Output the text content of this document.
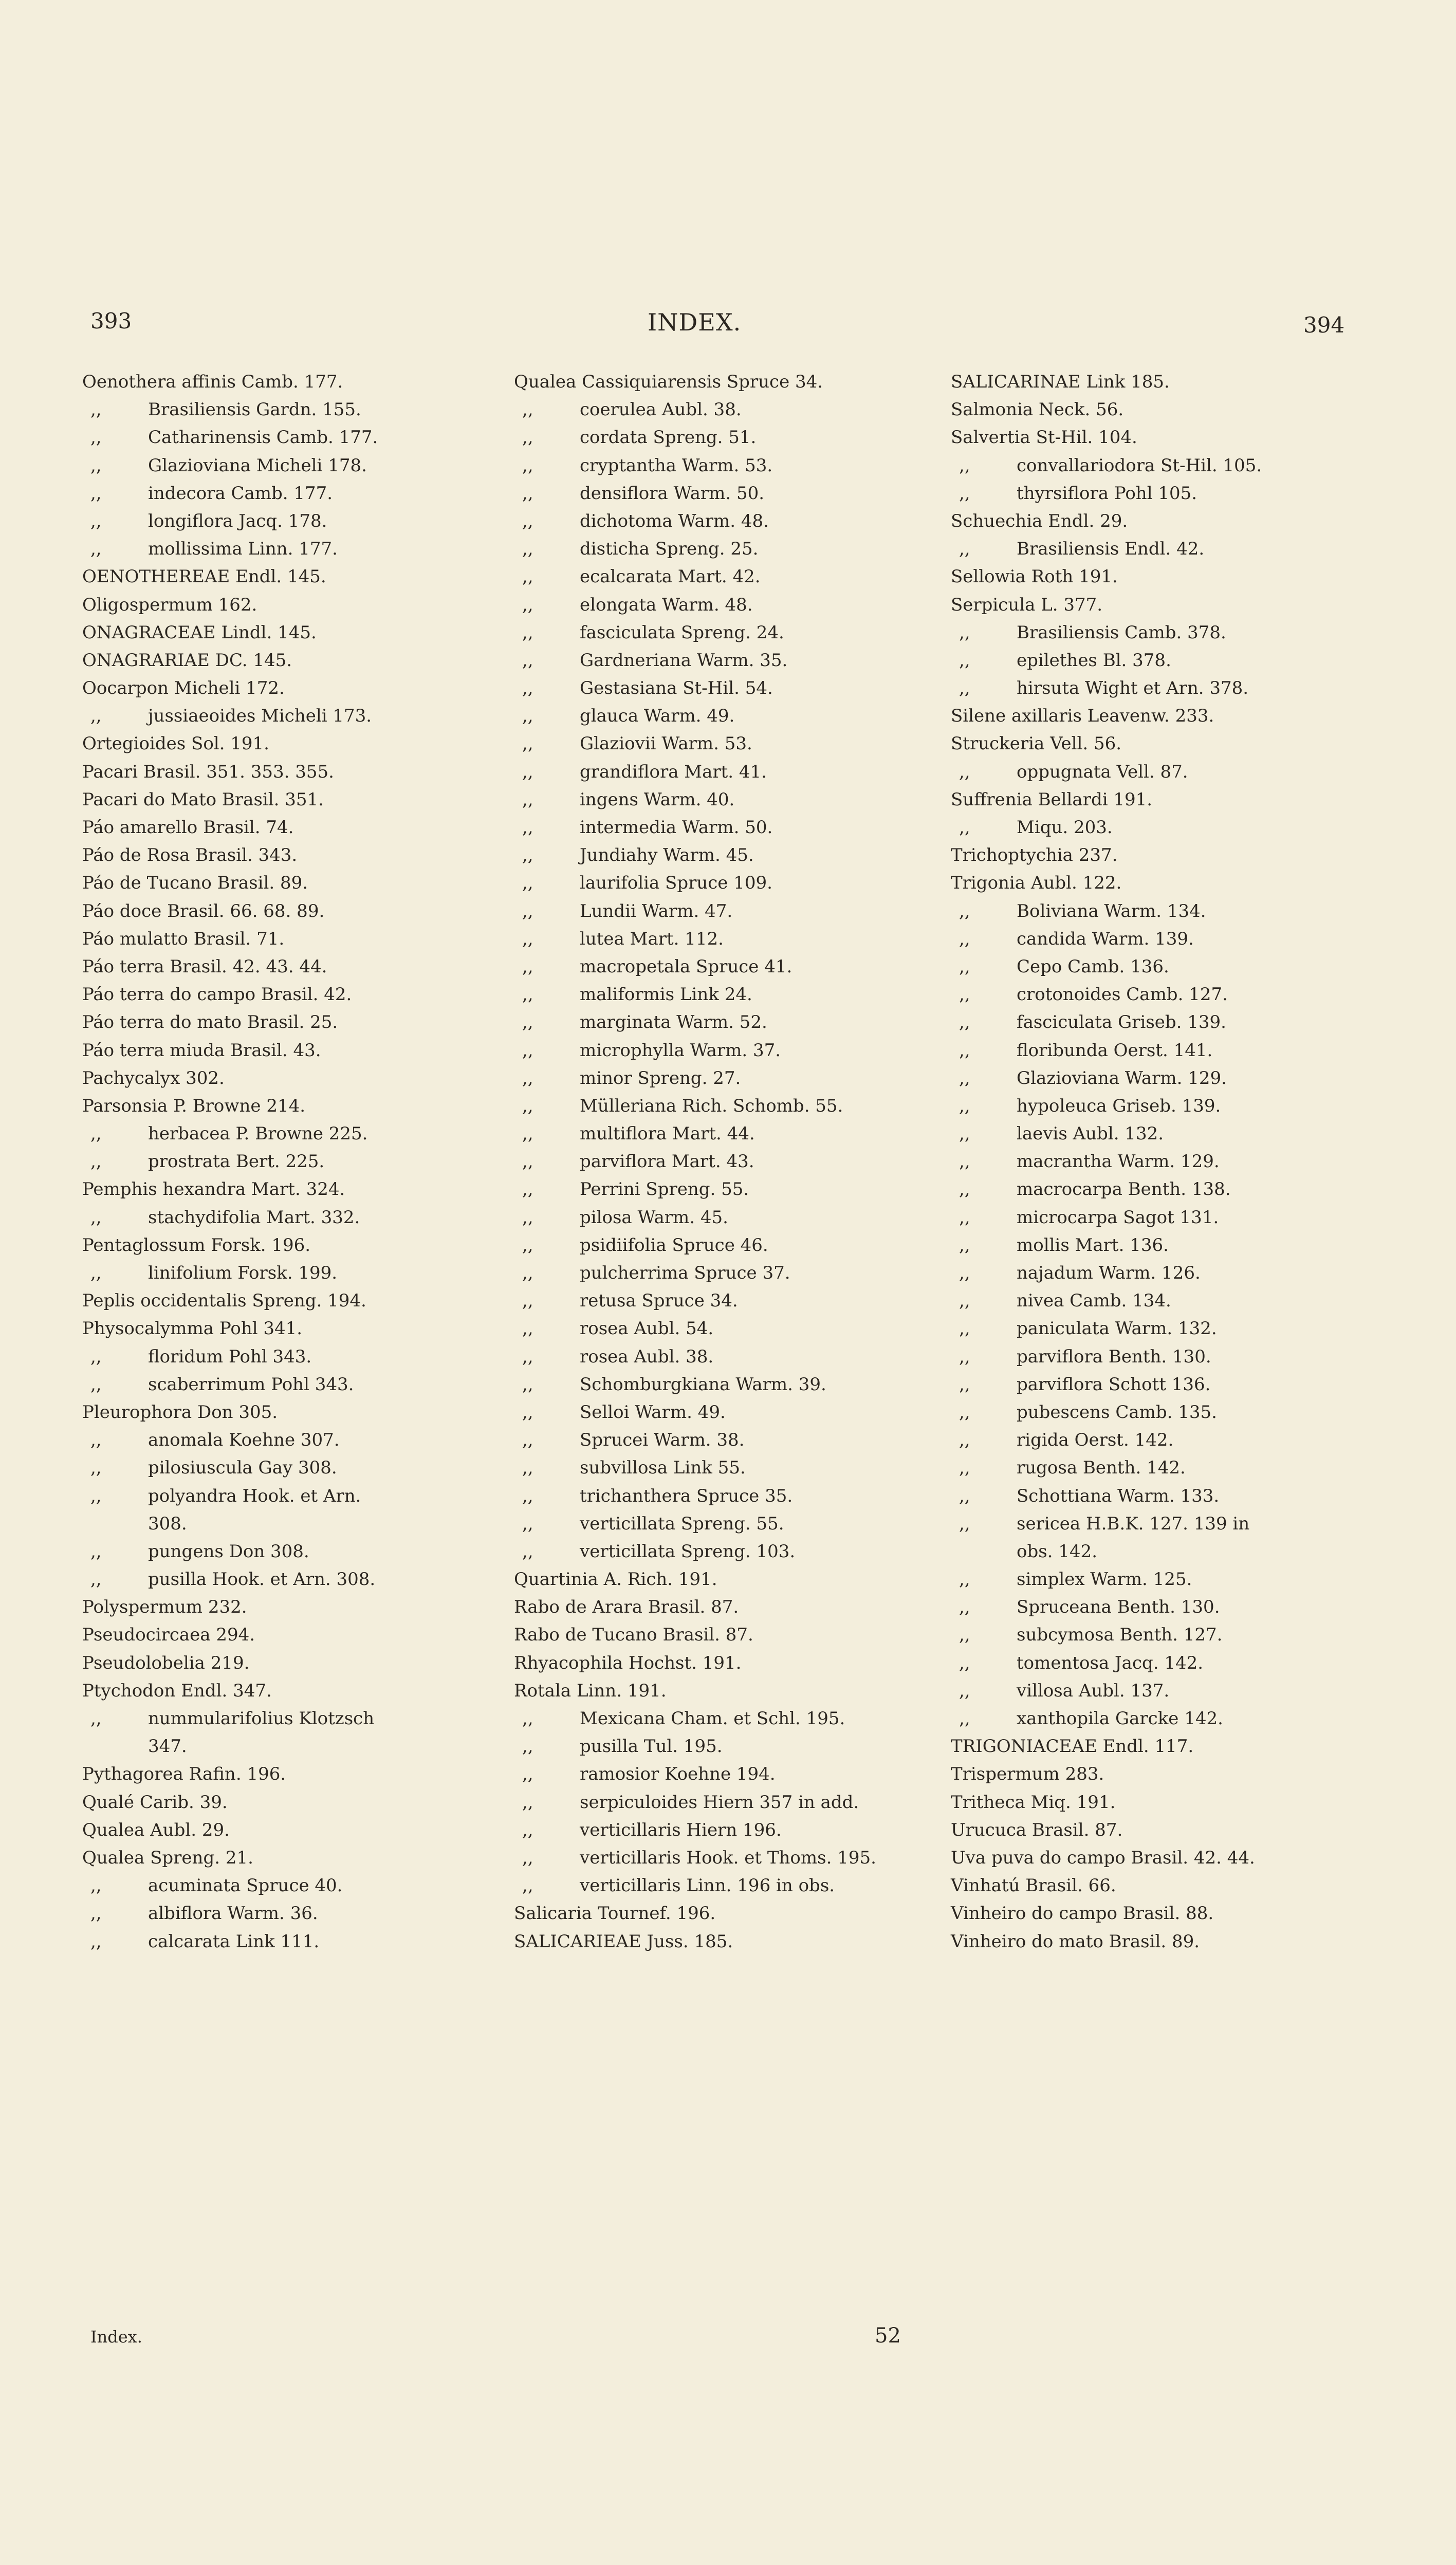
393	INDEX.	394
Oenothera affinis Camb. 177.
,, Brasiliensis Gardn. 155.
,, Catharinensis Camb. 177.
,, Glazioviana Micheli 178.
,, indecora Camb. 177.
,, longiflora Jacq. 178.
,, mollissima Linn. 177.
OENOTHEREAE Endl. 145.
Oligospermum 162.
ONAGRACEAE Lindl. 145.
ONAGRARIAE DC. 145.
Oocarpon Micheli 172.
,, jussiaeoides Micheli 173.
Ortegioides Sol. 191.
Pacari Brasil. 351. 353. 355.
Pacari do Mato Brasil. 351.
Páo amarello Brasil. 74.
Páo de Rosa Brasil. 343.
Páo de Tucano Brasil. 89.
Páo doce Brasil. 66. 68. 89.
Páo mulatto Brasil. 71.
Páo terra Brasil. 42. 43. 44.
Páo terra do campo Brasil. 42.
Páo terra do mato Brasil. 25.
Páo terra miuda Brasil. 43.
Pachycalyx 302.
Parsonsia P. Browne 214.
,, herbacea P. Browne 225.
,, prostrata Bert. 225.
Pemphis hexandra Mart. 324.
,, stachydifolia Mart. 332.
Pentaglossum Forsk. 196.
,, linifolium Forsk. 199.
Peplis occidentalis Spreng. 194.
Physocalymma Pohl 341.
,, floridum Pohl 343.
,, scaberrimum Pohl 343.
Pleurophora Don 305.
,, anomala Koehne 307.
,, pilosiuscula Gay 308.
,, polyandra Hook. et Arn.
308.
,, pungens Don 308.
,, pusilla Hook. et Arn. 308.
Polyspermum 232.
Pseudocircaea 294.
Pseudolobelia 219.
Ptychodon Endl. 347.
,, nummularifolius Klotzsch
347.
Pythagorea Rafin. 196.
Qualé Carib. 39.
Qualea Aubl. 29.
Qualea Spreng. 21.
,, acuminata Spruce 40.
,, albiflora Warm. 36.
,, calcarata Link 111.
Qualea Cassiquiarensis Spruce 34.
,, coerulea Aubl. 38.
,, cordata Spreng. 51.
,, cryptantha Warm. 53.
,, densiflora Warm. 50.
,, dichotoma Warm. 48.
,, disticha Spreng. 25.
,, ecalcarata Mart. 42.
,, elongata Warm. 48.
,, fasciculata Spreng. 24.
,, Gardneriana Warm. 35.
,, Gestasiana St-Hil. 54.
,, glauca Warm. 49.
,, Glaziovii Warm. 53.
,, grandiflora Mart. 41.
,, ingens Warm. 40.
,, intermedia Warm. 50.
,, Jundiahy Warm. 45.
,, laurifolia Spruce 109.
,, Lundii Warm. 47.
,, lutea Mart. 112.
,, macropetala Spruce 41.
,, maliformis Link 24.
,, marginata Warm. 52.
,, microphylla Warm. 37.
,, minor Spreng. 27.
,, Mülleriana Rich. Schomb. 55.
,, multiflora Mart. 44.
,, parviflora Mart. 43.
,, Perrini Spreng. 55.
,, pilosa Warm. 45.
,, psidiifolia Spruce 46.
,, pulcherrima Spruce 37.
,, retusa Spruce 34.
,, rosea Aubl. 54.
,, rosea Aubl. 38.
,, Schomburgkiana Warm. 39.
,, Selloi Warm. 49.
,, Sprucei Warm. 38.
,, subvillosa Link 55.
,, trichanthera Spruce 35.
,, verticillata Spreng. 55.
,, verticillata Spreng. 103.
Quartinia A. Rich. 191.
Rabo de Arara Brasil. 87.
Rabo de Tucano Brasil. 87.
Rhyacophila Hochst. 191.
Rotala Linn. 191.
,, Mexicana Cham. et Schl. 195.
,, pusilla Tul. 195.
,, ramosior Koehne 194.
,, serpiculoides Hiern 357 in add.
,, verticillaris Hiern 196.
,, verticillaris Hook. et Thoms. 195.
,, verticillaris Linn. 196 in obs.
Salicaria Tournef. 196.
SALICARIEAE Juss. 185.
SALICARINAE Link 185.
Salmonia Neck. 56.
Salvertia St-Hil. 104.
,, convallariodora St-Hil. 105.
,, thyrsiflora Pohl 105.
Schuechia Endl. 29.
,, Brasiliensis Endl. 42.
Sellowia Roth 191.
Serpicula L. 377.
,, Brasiliensis Camb. 378.
,, epilethes Bl. 378.
,, hirsuta Wight et Arn. 378.
Silene axillaris Leavenw. 233.
Struckeria Vell. 56.
,, oppugnata Vell. 87.
Suffrenia Bellardi 191.
,, Miqu. 203.
Trichoptychia 237.
Trigonia Aubl. 122.
,, Boliviana Warm. 134.
,, candida Warm. 139.
,, Cepo Camb. 136.
,, crotonoides Camb. 127.
,, fasciculata Griseb. 139.
,, floribunda Oerst. 141.
,, Glazioviana Warm. 129.
,, hypoleuca Griseb. 139.
,, laevis Aubl. 132.
,, macrantha Warm. 129.
,, macrocarpa Benth. 138.
,, microcarpa Sagot 131.
,, mollis Mart. 136.
,, najadum Warm. 126.
,, nivea Camb. 134.
,, paniculata Warm. 132.
,, parviflora Benth. 130.
,, parviflora Schott 136.
,, pubescens Camb. 135.
,, rigida Oerst. 142.
,, rugosa Benth. 142.
,, Schottiana Warm. 133.
,, sericea H.B.K. 127. 139 in
obs. 142.
,, simplex Warm. 125.
,, Spruceana Benth. 130.
,, subcymosa Benth. 127.
,, tomentosa Jacq. 142.
,, villosa Aubl. 137.
,, xanthopila Garcke 142.
TRIGONIACEAE Endl. 117.
Trispermum 283.
Tritheca Miq. 191.
Urucuca Brasil. 87.
Uva puva do campo Brasil. 42. 44.
Vinhatú Brasil. 66.
Vinheiro do campo Brasil. 88.
Vinheiro do mato Brasil. 89.
Index.	52
